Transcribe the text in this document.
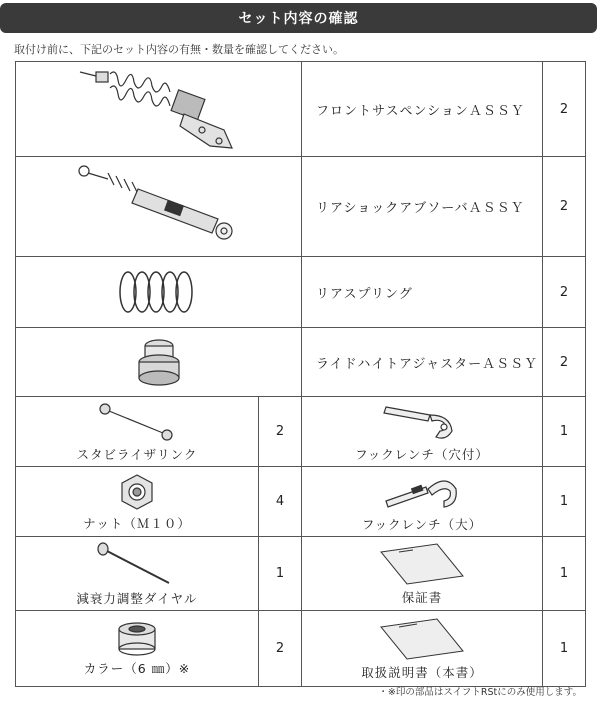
セット内容の確認
取付け前に、下記のセット内容の有無・数量を確認してください。
	フロントサスペンションＡＳＳＹ	2

	リアショックアブソーバＡＳＳＹ	2

	リアスプリング	2

	ライドハイトアジャスターＡＳＳＹ	2

スタビライザリンク	2	フックレンチ（穴付）	1

ナット（Ｍ１０）	4	フックレンチ（大）	1

減衰力調整ダイヤル	1	保証書	1

カラー（6 ㎜）※	2	取扱説明書（本書）	1
・※印の部品はスイフトRStにのみ使用します。
